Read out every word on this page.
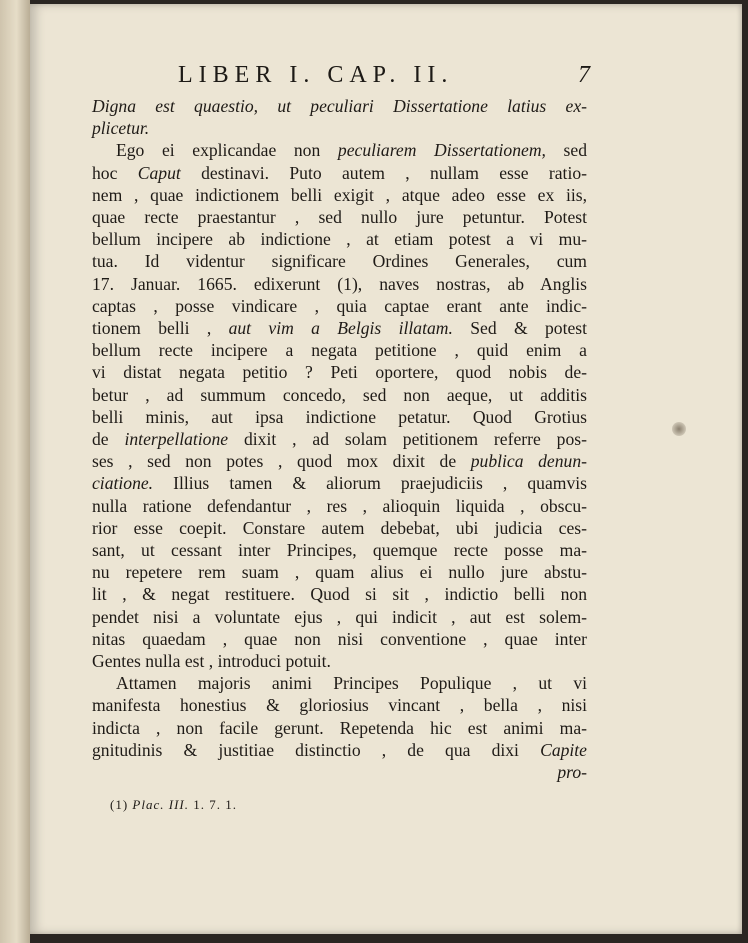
LIBER I. CAP. II.	7

Digna est quaestio, ut peculiari Dissertatione latius ex-
plicetur.
Ego ei explicandae non peculiarem Dissertationem, sed
hoc Caput destinavi. Puto autem , nullam esse ratio-
nem , quae indictionem belli exigit , atque adeo esse ex iis,
quae recte praestantur , sed nullo jure petuntur. Potest
bellum incipere ab indictione , at etiam potest a vi mu-
tua. Id videntur significare Ordines Generales, cum
17. Januar. 1665. edixerunt (1), naves nostras, ab Anglis
captas , posse vindicare , quia captae erant ante indic-
tionem belli , aut vim a Belgis illatam. Sed & potest
bellum recte incipere a negata petitione , quid enim a
vi distat negata petitio ? Peti oportere, quod nobis de-
betur , ad summum concedo, sed non aeque, ut additis
belli minis, aut ipsa indictione petatur. Quod Grotius
de interpellatione dixit , ad solam petitionem referre pos-
ses , sed non potes , quod mox dixit de publica denun-
ciatione. Illius tamen & aliorum praejudiciis , quamvis
nulla ratione defendantur , res , alioquin liquida , obscu-
rior esse coepit. Constare autem debebat, ubi judicia ces-
sant, ut cessant inter Principes, quemque recte posse ma-
nu repetere rem suam , quam alius ei nullo jure abstu-
lit , & negat restituere. Quod si sit , indictio belli non
pendet nisi a voluntate ejus , qui indicit , aut est solem-
nitas quaedam , quae non nisi conventione , quae inter
Gentes nulla est , introduci potuit.

Attamen majoris animi Principes Populique , ut vi
manifesta honestius & gloriosius vincant , bella , nisi
indicta , non facile gerunt. Repetenda hic est animi ma-
gnitudinis & justitiae distinctio , de qua dixi Capite
pro-

(1) Plac. III. 1. 7. 1.
